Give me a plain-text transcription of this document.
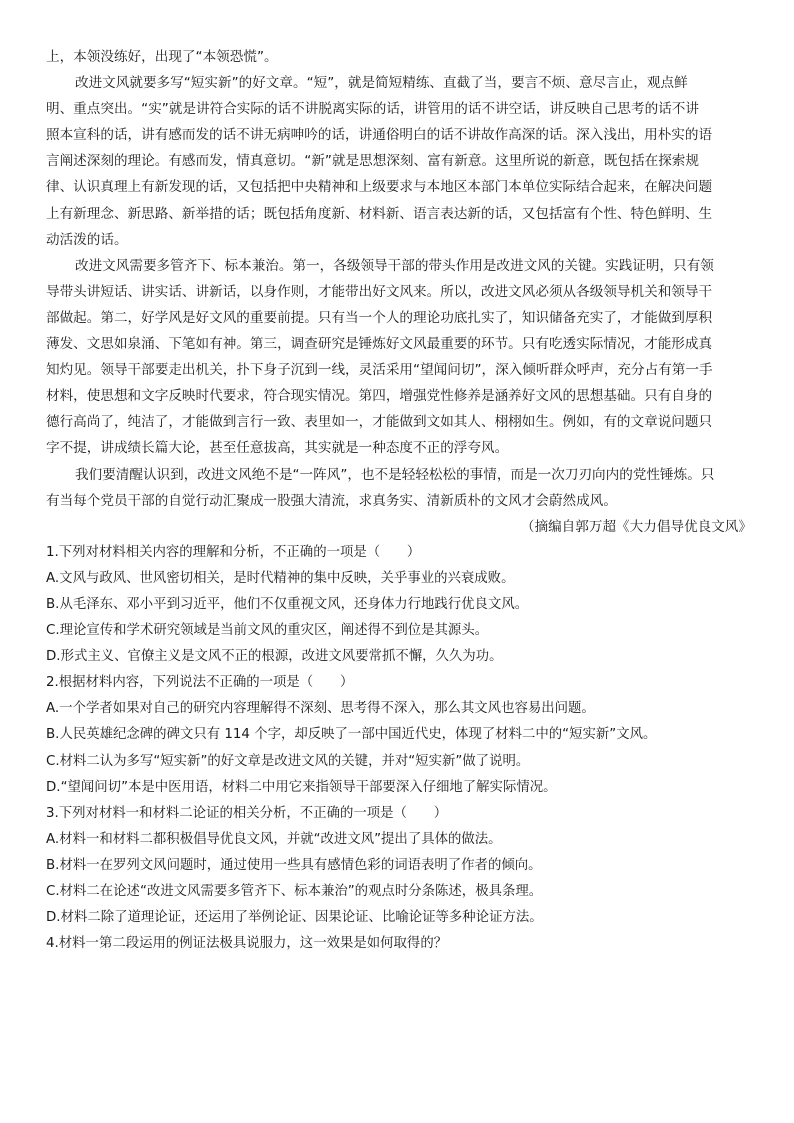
上，本领没练好，出现了“本领恐慌”。
改进文风就要多写“短实新”的好文章。“短”，就是简短精练、直截了当，要言不烦、意尽言止，观点鲜
明、重点突出。“实”就是讲符合实际的话不讲脱离实际的话，讲管用的话不讲空话，讲反映自己思考的话不讲
照本宣科的话，讲有感而发的话不讲无病呻吟的话，讲通俗明白的话不讲故作高深的话。深入浅出，用朴实的语
言阐述深刻的理论。有感而发，情真意切。“新”就是思想深刻、富有新意。这里所说的新意，既包括在探索规
律、认识真理上有新发现的话，又包括把中央精神和上级要求与本地区本部门本单位实际结合起来，在解决问题
上有新理念、新思路、新举措的话；既包括角度新、材料新、语言表达新的话，又包括富有个性、特色鲜明、生
动活泼的话。
改进文风需要多管齐下、标本兼治。第一，各级领导干部的带头作用是改进文风的关键。实践证明，只有领
导带头讲短话、讲实话、讲新话，以身作则，才能带出好文风来。所以，改进文风必须从各级领导机关和领导干
部做起。第二，好学风是好文风的重要前提。只有当一个人的理论功底扎实了，知识储备充实了，才能做到厚积
薄发、文思如泉涌、下笔如有神。第三，调查研究是锤炼好文风最重要的环节。只有吃透实际情况，才能形成真
知灼见。领导干部要走出机关，扑下身子沉到一线，灵活采用“望闻问切”，深入倾听群众呼声，充分占有第一手
材料，使思想和文字反映时代要求，符合现实情况。第四，增强党性修养是涵养好文风的思想基础。只有自身的
德行高尚了，纯洁了，才能做到言行一致、表里如一，才能做到文如其人、栩栩如生。例如，有的文章说问题只
字不提，讲成绩长篇大论，甚至任意拔高，其实就是一种态度不正的浮夸风。
我们要清醒认识到，改进文风绝不是“一阵风”，也不是轻轻松松的事情，而是一次刀刃向内的党性锤炼。只
有当每个党员干部的自觉行动汇聚成一股强大清流，求真务实、清新质朴的文风才会蔚然成风。
（摘编自郭万超《大力倡导优良文风》
1.下列对材料相关内容的理解和分析，不正确的一项是（　　）
A.文风与政风、世风密切相关，是时代精神的集中反映，关乎事业的兴衰成败。
B.从毛泽东、邓小平到习近平，他们不仅重视文风，还身体力行地践行优良文风。
C.理论宣传和学术研究领域是当前文风的重灾区，阐述得不到位是其源头。
D.形式主义、官僚主义是文风不正的根源，改进文风要常抓不懈，久久为功。
2.根据材料内容，下列说法不正确的一项是（　　）
A.一个学者如果对自己的研究内容理解得不深刻、思考得不深入，那么其文风也容易出问题。
B.人民英雄纪念碑的碑文只有 114 个字，却反映了一部中国近代史，体现了材料二中的“短实新”文风。
C.材料二认为多写“短实新”的好文章是改进文风的关键，并对“短实新”做了说明。
D.“望闻问切”本是中医用语，材料二中用它来指领导干部要深入仔细地了解实际情况。
3.下列对材料一和材料二论证的相关分析，不正确的一项是（　　）
A.材料一和材料二都积极倡导优良文风，并就“改进文风”提出了具体的做法。
B.材料一在罗列文风问题时，通过使用一些具有感情色彩的词语表明了作者的倾向。
C.材料二在论述“改进文风需要多管齐下、标本兼治”的观点时分条陈述，极具条理。
D.材料二除了道理论证，还运用了举例论证、因果论证、比喻论证等多种论证方法。
4.材料一第二段运用的例证法极具说服力，这一效果是如何取得的？
